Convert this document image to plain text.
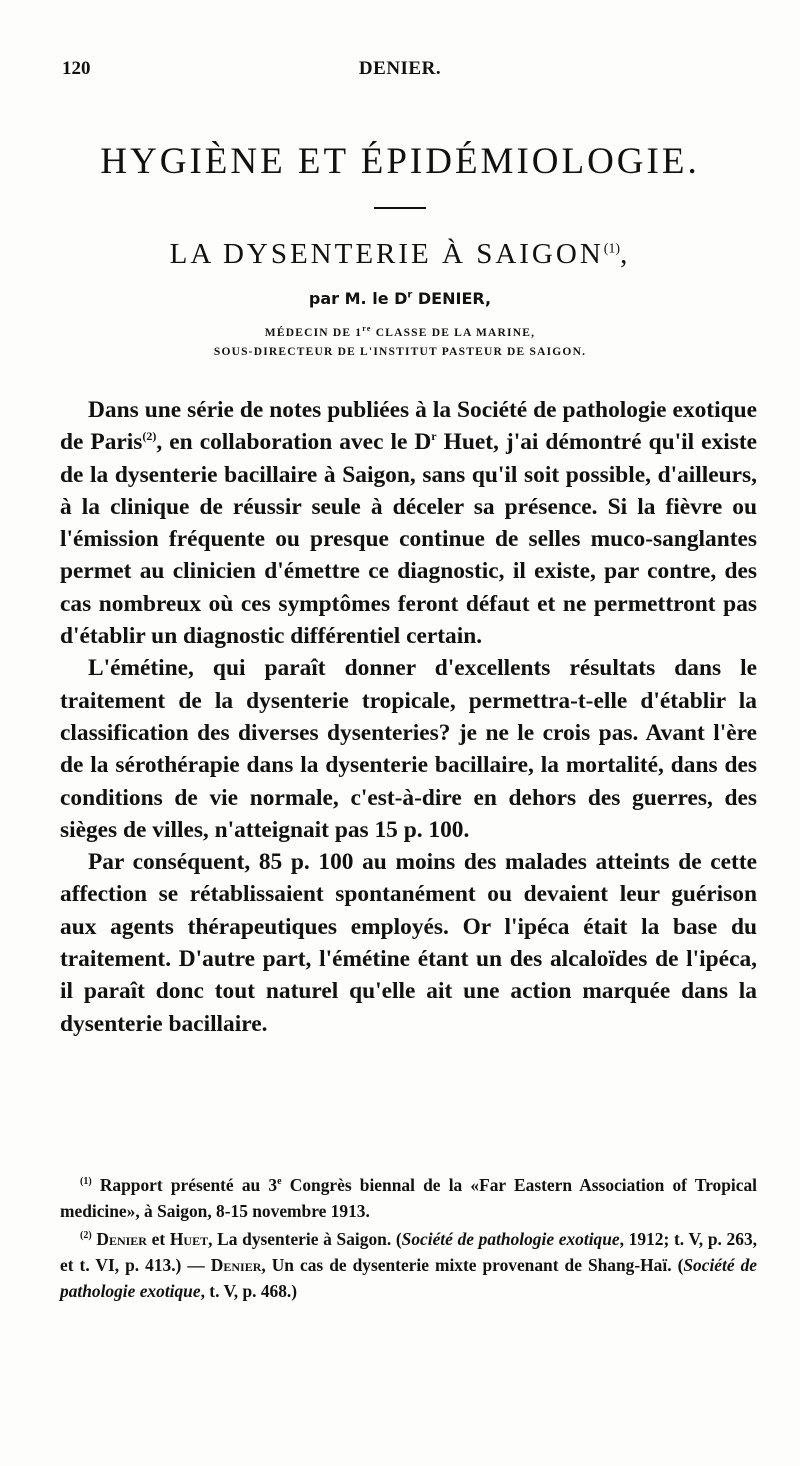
120	DENIER.
HYGIÈNE ET ÉPIDÉMIOLOGIE.
LA DYSENTERIE À SAIGON$^{(1)}$,
par M. le $D^r$ DENIER,
MÉDECIN DE 1re CLASSE DE LA MARINE,
SOUS-DIRECTEUR DE L'INSTITUT PASTEUR DE SAIGON.

Dans une série de notes publiées à la Société de pathologie exotique de Paris$^{(2)}$, en collaboration avec le $D^r$ Huet, j'ai démontré qu'il existe de la dysenterie bacillaire à Saigon, sans qu'il soit possible, d'ailleurs, à la clinique de réussir seule à déceler sa présence. Si la fièvre ou l'émission fréquente ou presque continue de selles muco-sanglantes permet au clinicien d'émettre ce diagnostic, il existe, par contre, des cas nombreux où ces symptômes feront défaut et ne permettront pas d'établir un diagnostic différentiel certain.

L'émétine, qui paraît donner d'excellents résultats dans le traitement de la dysenterie tropicale, permettra-t-elle d'établir la classification des diverses dysenteries? je ne le crois pas. Avant l'ère de la sérothérapie dans la dysenterie bacillaire, la mortalité, dans des conditions de vie normale, c'est-à-dire en dehors des guerres, des sièges de villes, n'atteignait pas 15 p. 100.

Par conséquent, 85 p. 100 au moins des malades atteints de cette affection se rétablissaient spontanément ou devaient leur guérison aux agents thérapeutiques employés. Or l'ipéca était la base du traitement. D'autre part, l'émétine étant un des alcaloïdes de l'ipéca, il paraît donc tout naturel qu'elle ait une action marquée dans la dysenterie bacillaire.

$^{(1)}$ Rapport présenté au 3e Congrès biennal de la «Far Eastern Association of Tropical medicine», à Saigon, 8-15 novembre 1913.

$^{(2)}$ Denier et Huet, La dysenterie à Saigon. (Société de pathologie exotique, 1912; t. V, p. 263, et t. VI, p. 413.) — Denier, Un cas de dysenterie mixte provenant de Shang-Haï. (Société de pathologie exotique, t. V, p. 468.)
